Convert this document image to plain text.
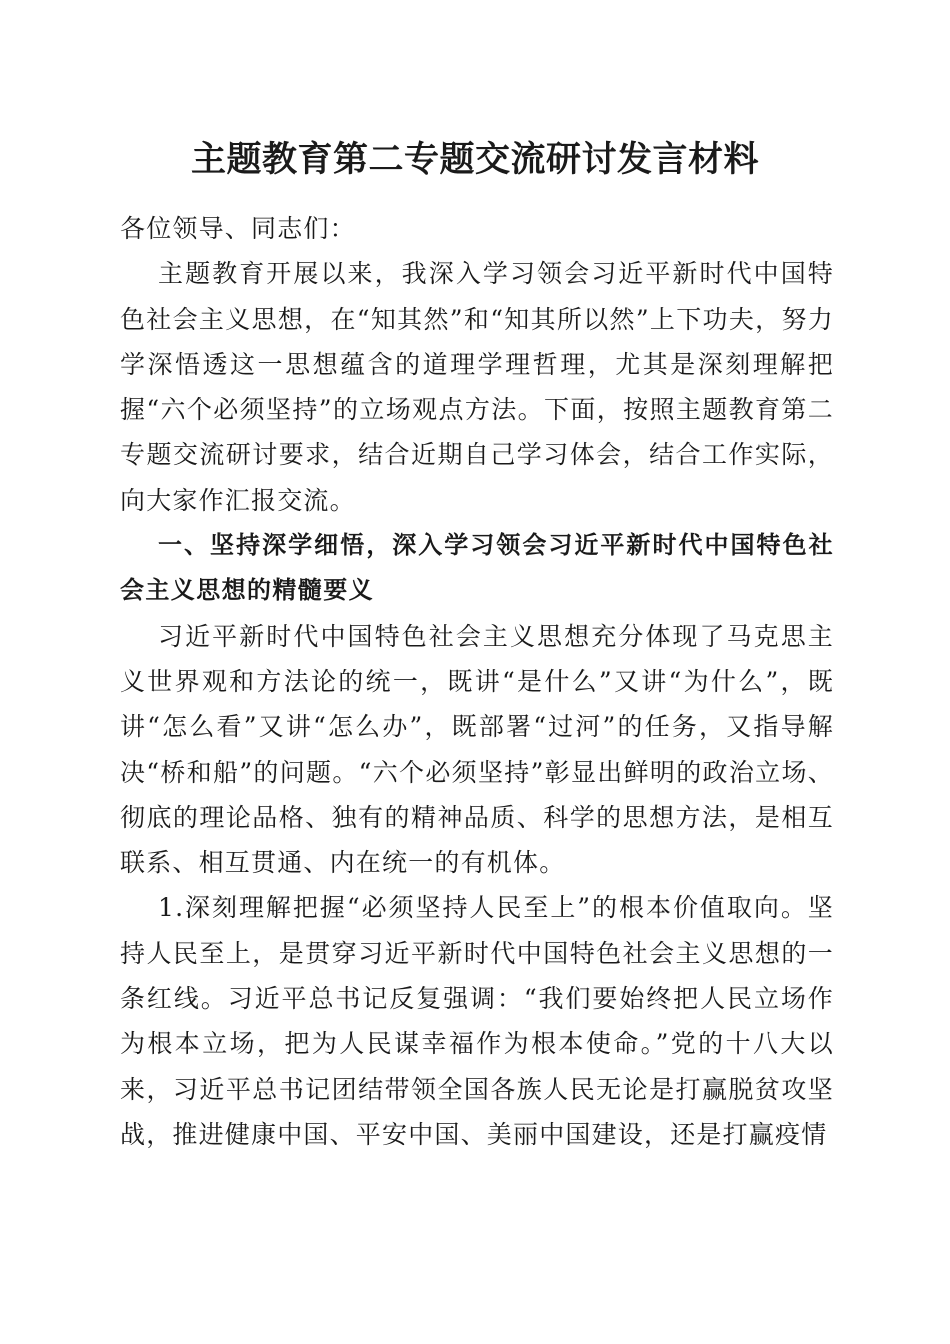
主题教育第二专题交流研讨发言材料

各位领导、同志们：

主题教育开展以来，我深入学习领会习近平新时代中国特色社会主义思想，在“知其然”和“知其所以然”上下功夫，努力学深悟透这一思想蕴含的道理学理哲理，尤其是深刻理解把握“六个必须坚持”的立场观点方法。下面，按照主题教育第二专题交流研讨要求，结合近期自己学习体会，结合工作实际，向大家作汇报交流。

一、坚持深学细悟，深入学习领会习近平新时代中国特色社会主义思想的精髓要义

习近平新时代中国特色社会主义思想充分体现了马克思主义世界观和方法论的统一，既讲“是什么”又讲“为什么”，既讲“怎么看”又讲“怎么办”，既部署“过河”的任务，又指导解决“桥和船”的问题。“六个必须坚持”彰显出鲜明的政治立场、彻底的理论品格、独有的精神品质、科学的思想方法，是相互联系、相互贯通、内在统一的有机体。

1.深刻理解把握“必须坚持人民至上”的根本价值取向。坚持人民至上，是贯穿习近平新时代中国特色社会主义思想的一条红线。习近平总书记反复强调：“我们要始终把人民立场作为根本立场，把为人民谋幸福作为根本使命。”党的十八大以来，习近平总书记团结带领全国各族人民无论是打赢脱贫攻坚战，推进健康中国、平安中国、美丽中国建设，还是打赢疫情
